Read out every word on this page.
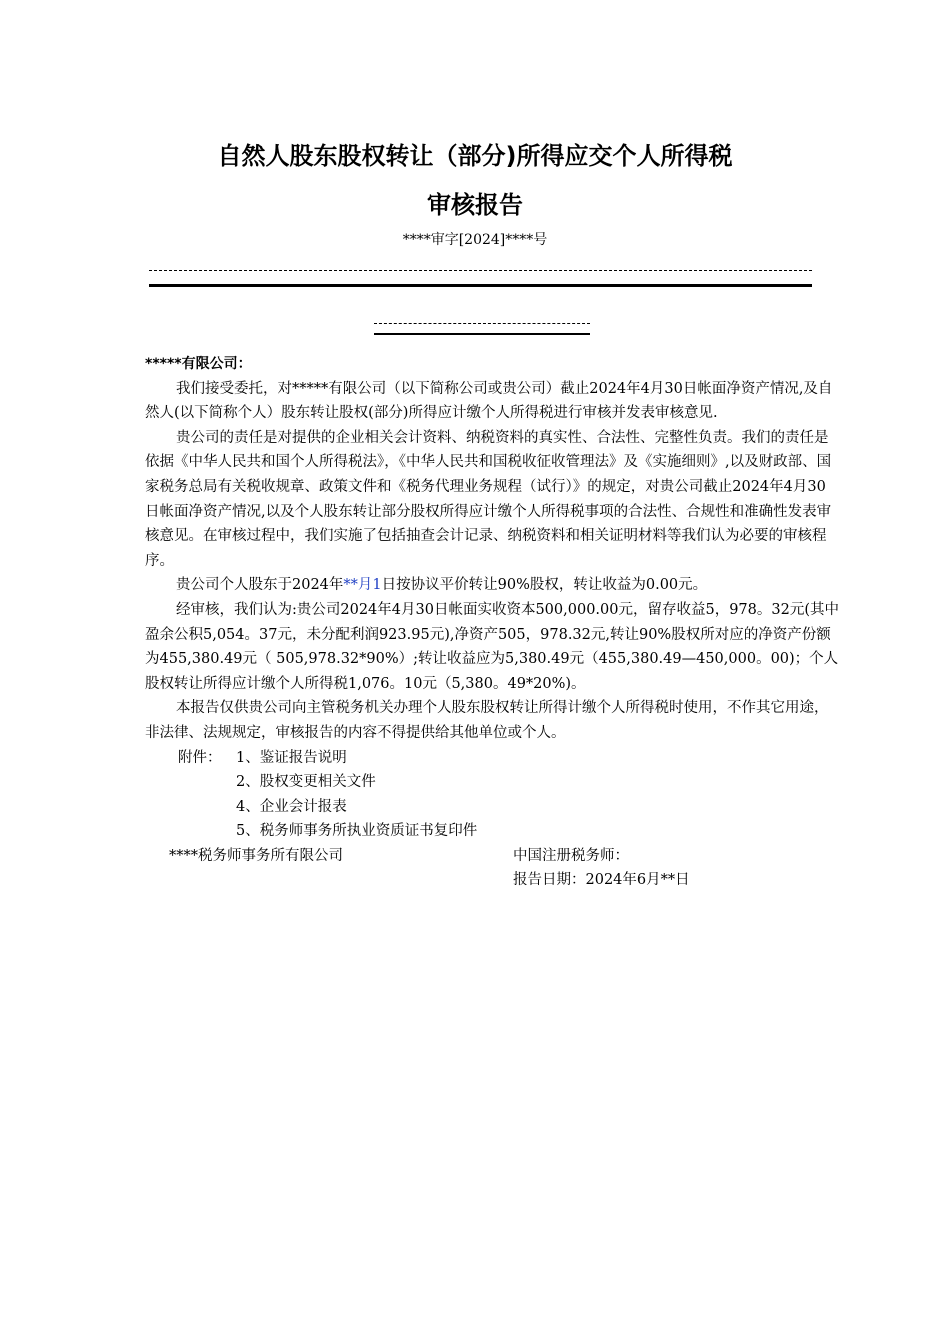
自然人股东股权转让（部分)所得应交个人所得税
审核报告
****审字[2024]****号

*****有限公司：

我们接受委托，对*****有限公司（以下简称公司或贵公司）截止2024年4月30日帐面净资产情况,及自然人(以下简称个人）股东转让股权(部分)所得应计缴个人所得税进行审核并发表审核意见.

贵公司的责任是对提供的企业相关会计资料、纳税资料的真实性、合法性、完整性负责。我们的责任是依据《中华人民共和国个人所得税法》，《中华人民共和国税收征收管理法》及《实施细则》,以及财政部、国家税务总局有关税收规章、政策文件和《税务代理业务规程（试行）》的规定，对贵公司截止2024年4月30日帐面净资产情况,以及个人股东转让部分股权所得应计缴个人所得税事项的合法性、合规性和准确性发表审核意见。在审核过程中，我们实施了包括抽查会计记录、纳税资料和相关证明材料等我们认为必要的审核程序。

贵公司个人股东于2024年**月1日按协议平价转让90%股权，转让收益为0.00元。

经审核，我们认为:贵公司2024年4月30日帐面实收资本500,000.00元，留存收益5，978。32元(其中盈余公积5,054。37元，未分配利润923.95元),净资产505，978.32元,转让90%股权所对应的净资产份额为455,380.49元（ 505,978.32*90%）;转让收益应为5,380.49元（455,380.49—450,000。00)；个人股权转让所得应计缴个人所得税1,076。10元（5,380。49*20%)。

本报告仅供贵公司向主管税务机关办理个人股东股权转让所得计缴个人所得税时使用，不作其它用途，非法律、法规规定，审核报告的内容不得提供给其他单位或个人。

附件：	1、鉴证报告说明

2、股权变更相关文件

4、企业会计报表

5、税务师事务所执业资质证书复印件

****税务师事务所有限公司	中国注册税务师：

报告日期：2024年6月**日
